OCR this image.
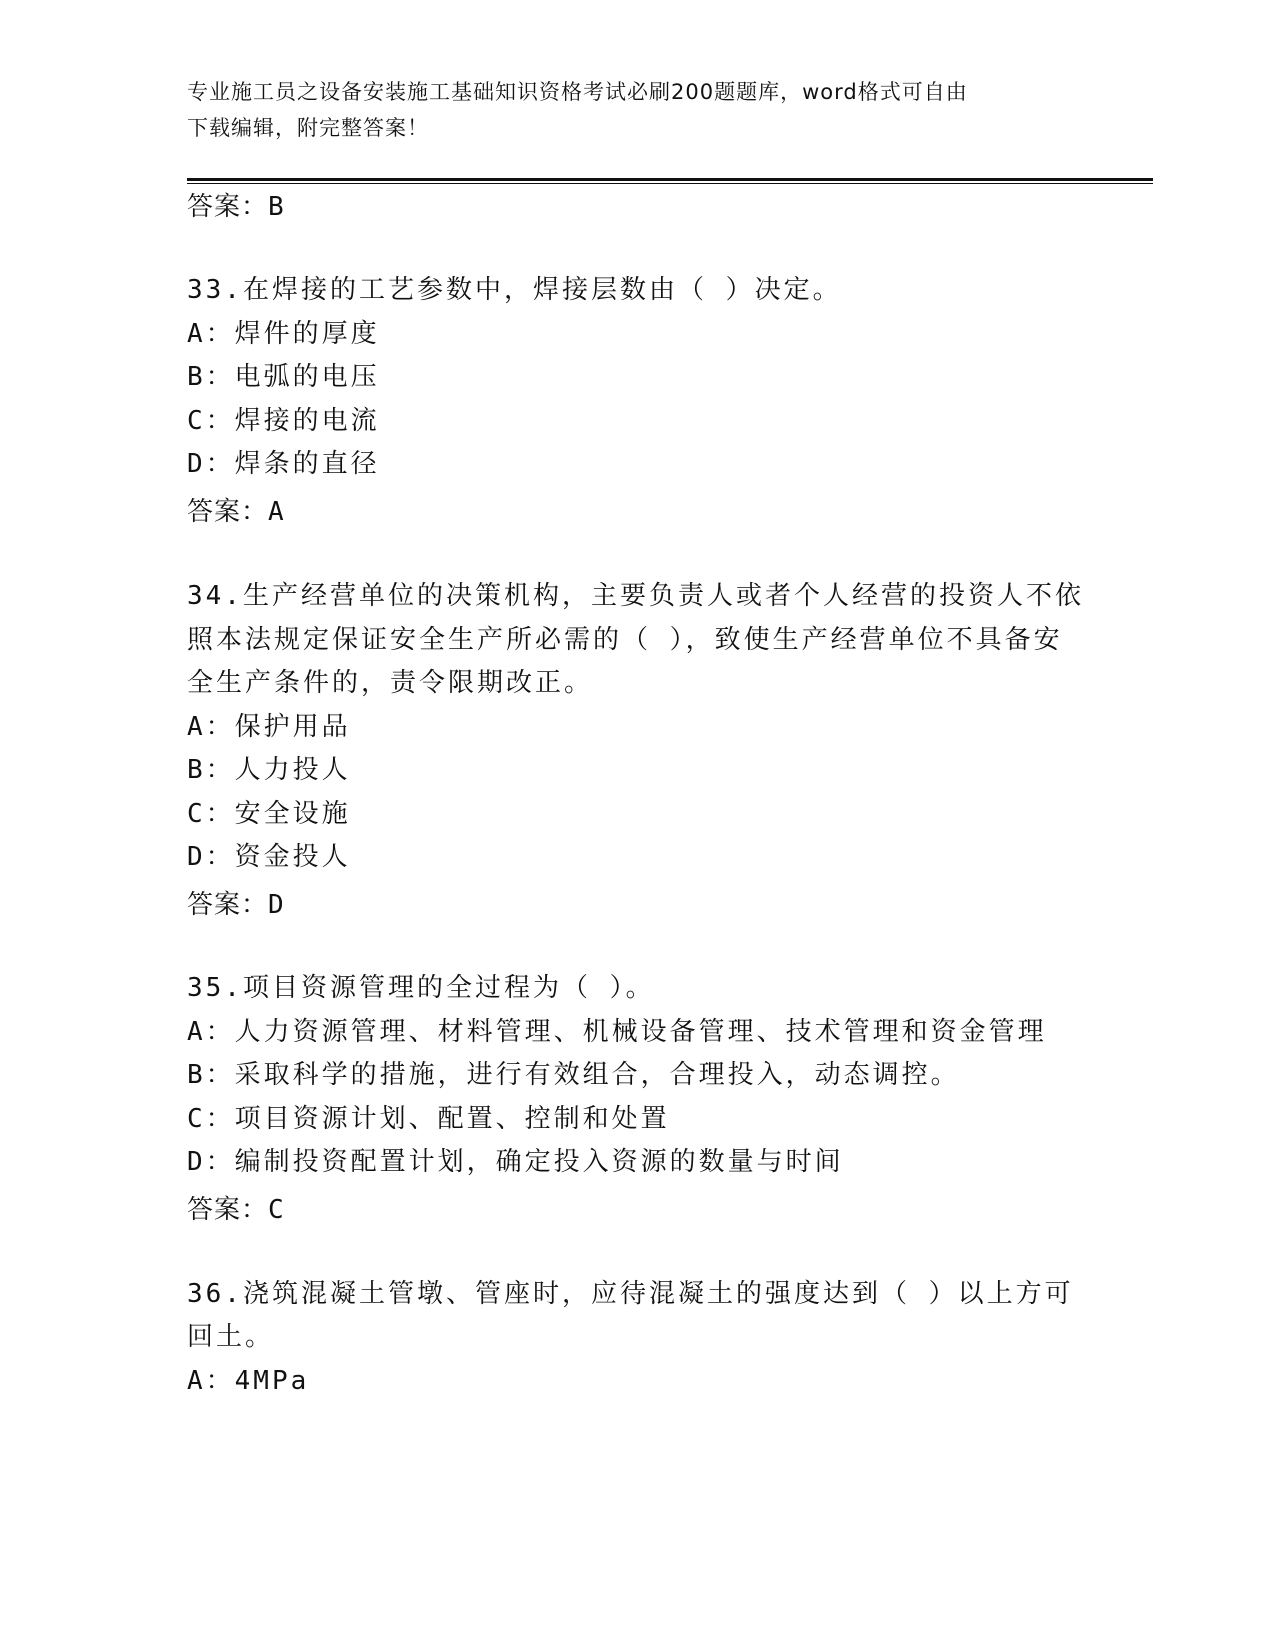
专业施工员之设备安装施工基础知识资格考试必刷200题题库，word格式可自由
下载编辑，附完整答案！
答案：B
33.在焊接的工艺参数中，焊接层数由（ ）决定。
A：焊件的厚度
B：电弧的电压
C：焊接的电流
D：焊条的直径
答案：A
34.生产经营单位的决策机构，主要负责人或者个人经营的投资人不依
照本法规定保证安全生产所必需的（ ），致使生产经营单位不具备安
全生产条件的，责令限期改正。
A：保护用品
B：人力投人
C：安全设施
D：资金投人
答案：D
35.项目资源管理的全过程为（ ）。
A：人力资源管理、材料管理、机械设备管理、技术管理和资金管理
B：采取科学的措施，进行有效组合，合理投入，动态调控。
C：项目资源计划、配置、控制和处置
D：编制投资配置计划，确定投入资源的数量与时间
答案：C
36.浇筑混凝土管墩、管座时，应待混凝土的强度达到（ ）以上方可
回土。
A：4MPa
